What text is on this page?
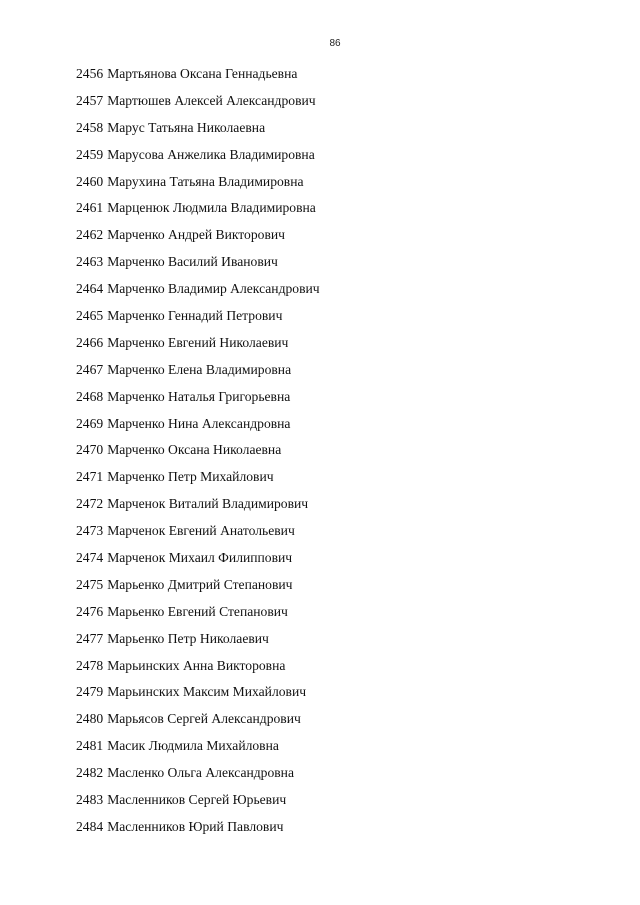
86
2456 Мартьянова Оксана Геннадьевна
2457 Мартюшев Алексей Александрович
2458 Марус Татьяна Николаевна
2459 Марусова Анжелика Владимировна
2460 Марухина Татьяна Владимировна
2461 Марценюк Людмила Владимировна
2462 Марченко Андрей Викторович
2463 Марченко Василий Иванович
2464 Марченко Владимир Александрович
2465 Марченко Геннадий Петрович
2466 Марченко Евгений Николаевич
2467 Марченко Елена Владимировна
2468 Марченко Наталья Григорьевна
2469 Марченко Нина Александровна
2470 Марченко Оксана Николаевна
2471 Марченко Петр Михайлович
2472 Марченок Виталий Владимирович
2473 Марченок Евгений Анатольевич
2474 Марченок Михаил Филиппович
2475 Марьенко Дмитрий Степанович
2476 Марьенко Евгений Степанович
2477 Марьенко Петр Николаевич
2478 Марьинских Анна Викторовна
2479 Марьинских Максим Михайлович
2480 Марьясов Сергей Александрович
2481 Масик Людмила Михайловна
2482 Масленко Ольга Александровна
2483 Масленников Сергей Юрьевич
2484 Масленников Юрий Павлович
